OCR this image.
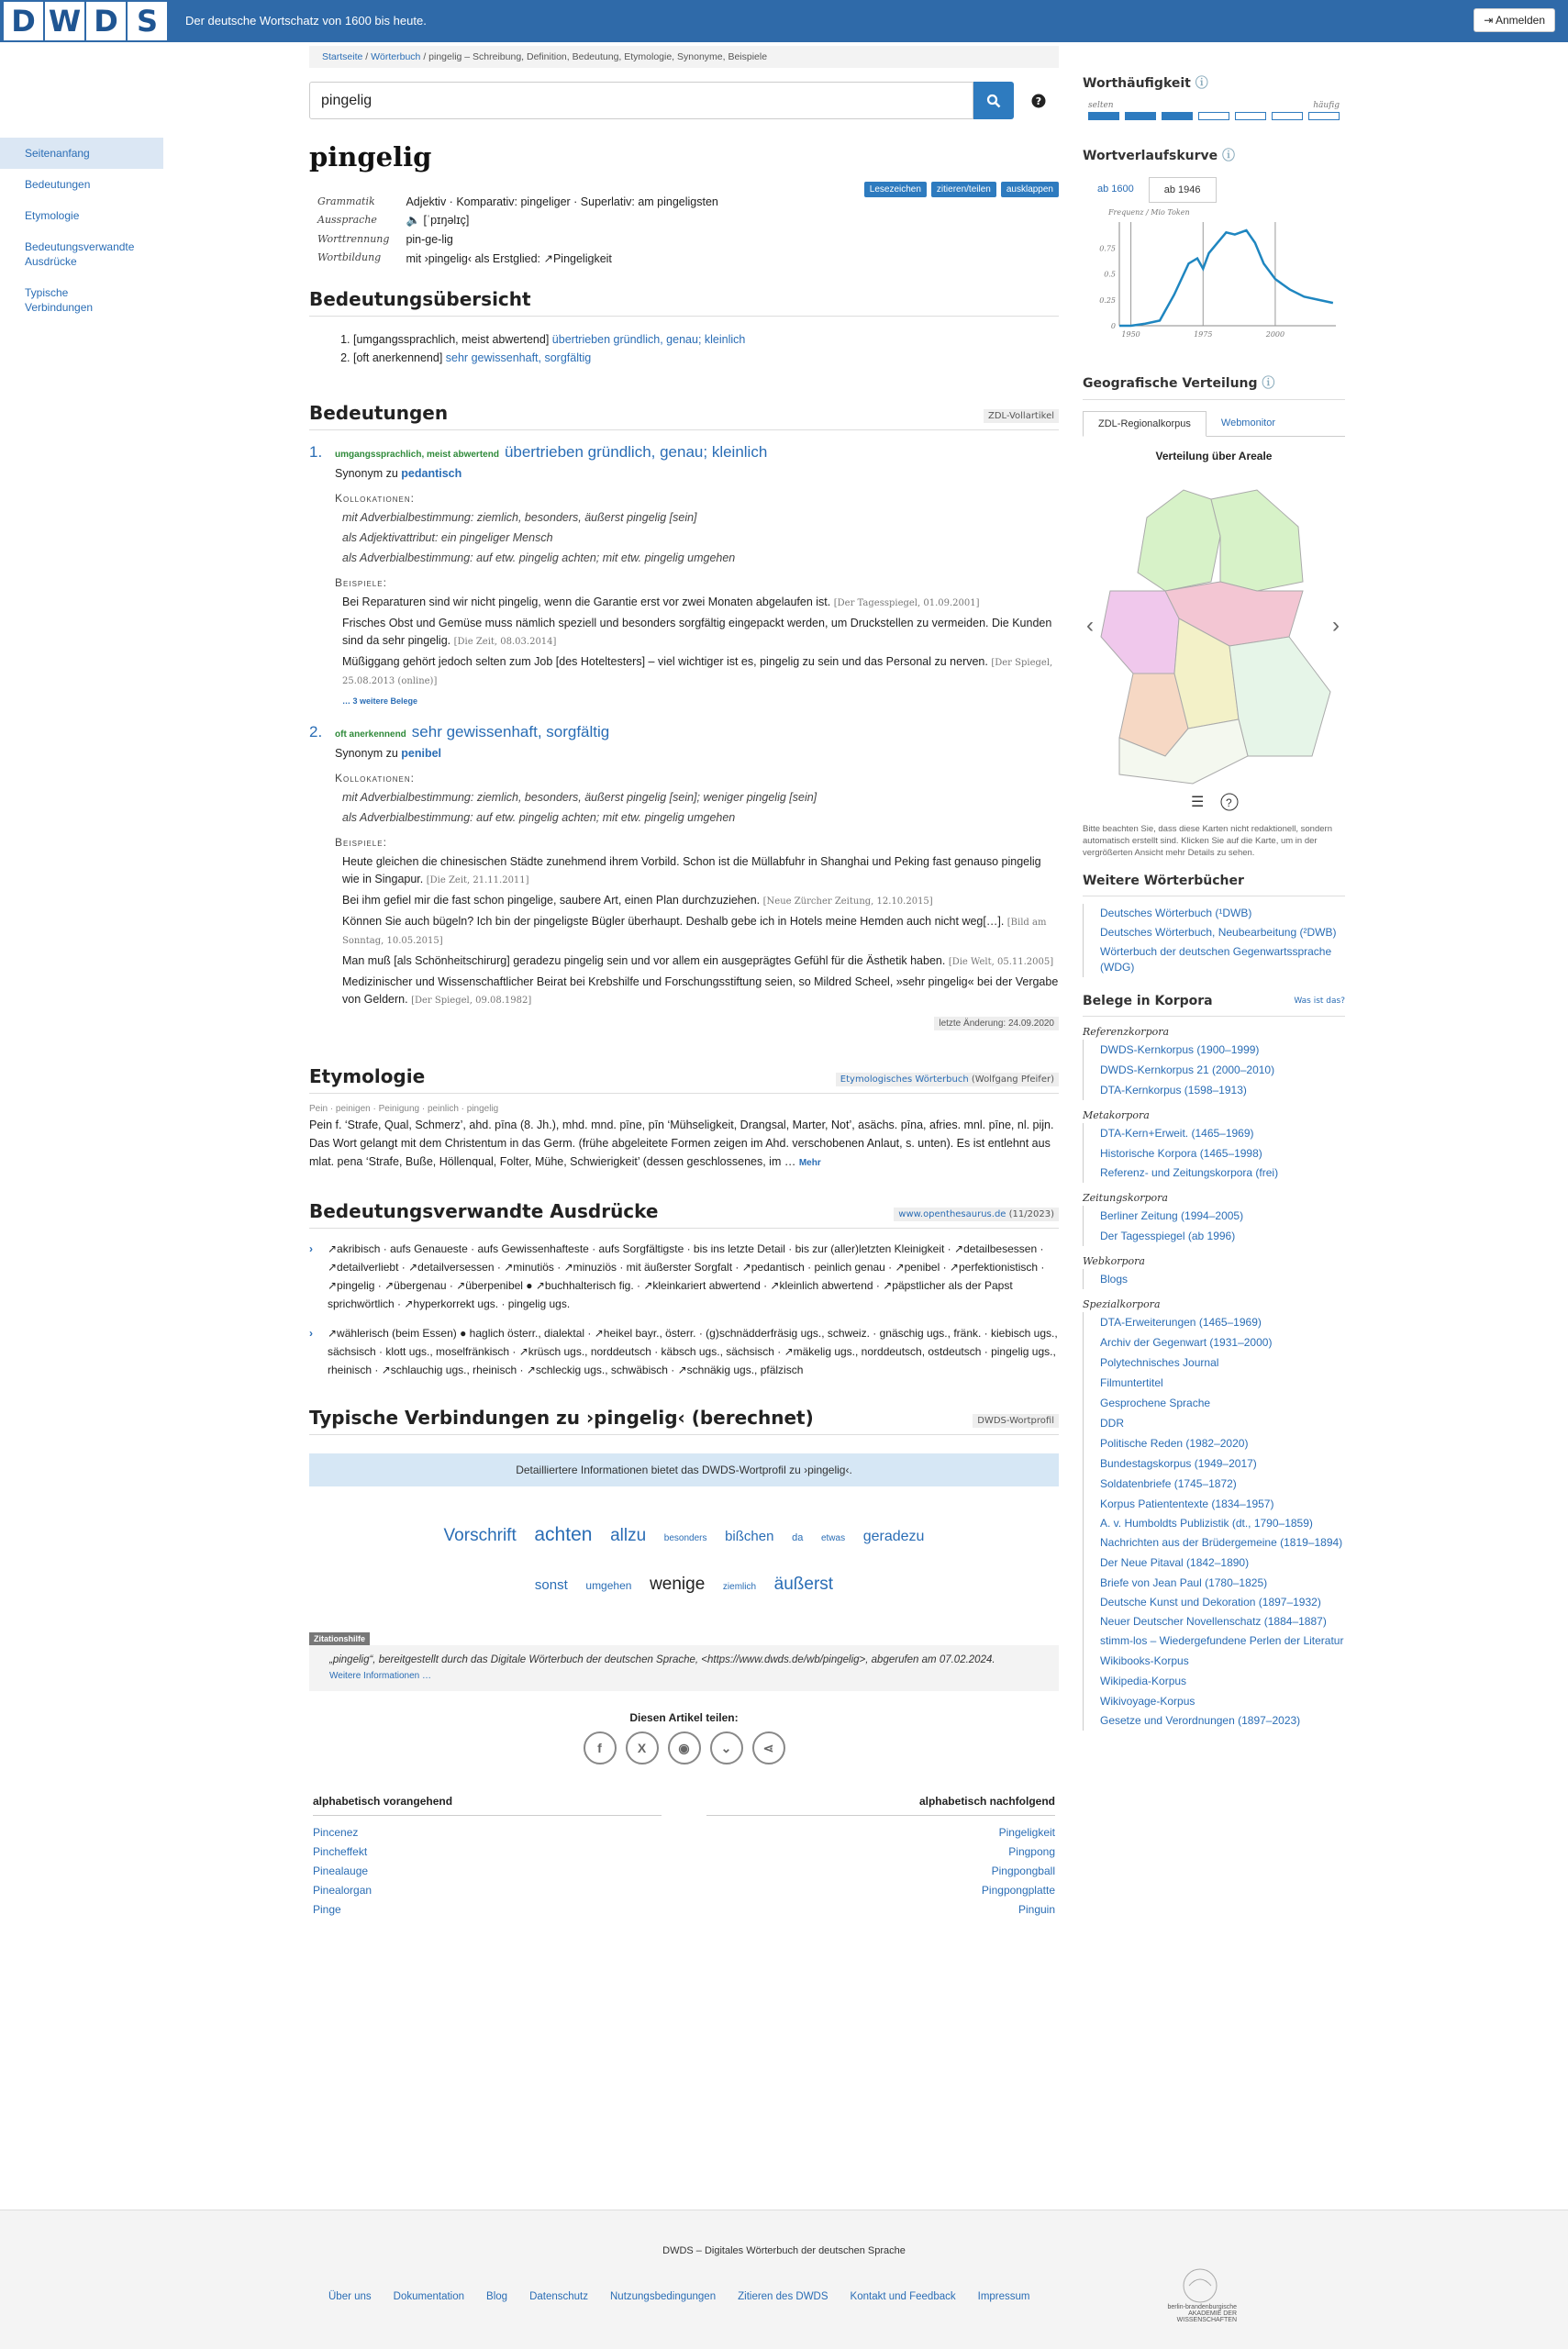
D W D S	Der deutsche Wortschatz von 1600 bis heute.	⇥ Anmelden
Seitenanfang
Bedeutungen
Etymologie
Bedeutungsverwandte Ausdrücke
Typische Verbindungen
Startseite / Wörterbuch / pingelig – Schreibung, Definition, Bedeutung, Etymologie, Synonyme, Beispiele
pingelig
?
pingelig
Lesezeichen	zitieren/teilen	ausklappen
Grammatik	Adjektiv · Komparativ: pingeliger · Superlativ: am pingeligsten
Aussprache	🔈 [ˈpɪŋəlɪç]
Worttrennung	pin-ge-lig
Wortbildung	mit ›pingelig‹ als Erstglied: ↗Pingeligkeit
Bedeutungsübersicht
1. [umgangssprachlich, meist abwertend] übertrieben gründlich, genau; kleinlich
2. [oft anerkennend] sehr gewissenhaft, sorgfältig
Bedeutungen	ZDL-Vollartikel
1. umgangssprachlich, meist abwertend übertrieben gründlich, genau; kleinlich
Synonym zu pedantisch
Kollokationen:
mit Adverbialbestimmung: ziemlich, besonders, äußerst pingelig [sein]
als Adjektivattribut: ein pingeliger Mensch
als Adverbialbestimmung: auf etw. pingelig achten; mit etw. pingelig umgehen
Beispiele:
Bei Reparaturen sind wir nicht pingelig, wenn die Garantie erst vor zwei Monaten abgelaufen ist. [Der Tagesspiegel, 01.09.2001]
Frisches Obst und Gemüse muss nämlich speziell und besonders sorgfältig eingepackt werden, um Druckstellen zu vermeiden. Die Kunden sind da sehr pingelig. [Die Zeit, 08.03.2014]
Müßiggang gehört jedoch selten zum Job [des Hoteltesters] – viel wichtiger ist es, pingelig zu sein und das Personal zu nerven. [Der Spiegel, 25.08.2013 (online)]
… 3 weitere Belege
2. oft anerkennend sehr gewissenhaft, sorgfältig
Synonym zu penibel
Kollokationen:
mit Adverbialbestimmung: ziemlich, besonders, äußerst pingelig [sein]; weniger pingelig [sein]
als Adverbialbestimmung: auf etw. pingelig achten; mit etw. pingelig umgehen
Beispiele:
Heute gleichen die chinesischen Städte zunehmend ihrem Vorbild. Schon ist die Müllabfuhr in Shanghai und Peking fast genauso pingelig wie in Singapur. [Die Zeit, 21.11.2011]
Bei ihm gefiel mir die fast schon pingelige, saubere Art, einen Plan durchzuziehen. [Neue Zürcher Zeitung, 12.10.2015]
Können Sie auch bügeln? Ich bin der pingeligste Bügler überhaupt. Deshalb gebe ich in Hotels meine Hemden auch nicht weg[…]. [Bild am Sonntag, 10.05.2015]
Man muß [als Schönheitschirurg] geradezu pingelig sein und vor allem ein ausgeprägtes Gefühl für die Ästhetik haben. [Die Welt, 05.11.2005]
Medizinischer und Wissenschaftlicher Beirat bei Krebshilfe und Forschungsstiftung seien, so Mildred Scheel, »sehr pingelig« bei der Vergabe von Geldern. [Der Spiegel, 09.08.1982]
letzte Änderung: 24.09.2020
Etymologie	Etymologisches Wörterbuch (Wolfgang Pfeifer)
Pein · peinigen · Peinigung · peinlich · pingelig
Pein f. ‘Strafe, Qual, Schmerz’, ahd. pīna (8. Jh.), mhd. mnd. pīne, pīn ‘Mühseligkeit, Drangsal, Marter, Not’, asächs. pīna, afries. mnl. pīne, nl. pijn. Das Wort gelangt mit dem Christentum in das Germ. (frühe abgeleitete Formen zeigen im Ahd. verschobenen Anlaut, s. unten). Es ist entlehnt aus mlat. pena ‘Strafe, Buße, Höllenqual, Folter, Mühe, Schwierigkeit’ (dessen geschlossenes, im … Mehr
Bedeutungsverwandte Ausdrücke	www.openthesaurus.de (11/2023)
›	↗akribisch · aufs Genaueste · aufs Gewissenhafteste · aufs Sorgfältigste · bis ins letzte Detail · bis zur (aller)letzten Kleinigkeit · ↗detailbesessen · ↗detailverliebt · ↗detailversessen · ↗minutiös · ↗minuziös · mit äußerster Sorgfalt · ↗pedantisch · peinlich genau · ↗penibel · ↗perfektionistisch · ↗pingelig · ↗übergenau · ↗überpenibel ● ↗buchhalterisch fig. · ↗kleinkariert abwertend · ↗kleinlich abwertend · ↗päpstlicher als der Papst sprichwörtlich · ↗hyperkorrekt ugs. · pingelig ugs.
›	↗wählerisch (beim Essen) ● haglich österr., dialektal · ↗heikel bayr., österr. · (g)schnädderfräsig ugs., schweiz. · gnäschig ugs., fränk. · kiebisch ugs., sächsisch · klott ugs., moselfränkisch · ↗krüsch ugs., norddeutsch · käbsch ugs., sächsisch · ↗mäkelig ugs., norddeutsch, ostdeutsch · pingelig ugs., rheinisch · ↗schlauchig ugs., rheinisch · ↗schleckig ugs., schwäbisch · ↗schnäkig ugs., pfälzisch
Typische Verbindungen zu ›pingelig‹ (berechnet)	DWDS-Wortprofil
Detailliertere Informationen bietet das DWDS-Wortprofil zu ›pingelig‹.
Vorschrift achten allzu besonders bißchen da etwas geradezu
sonst umgehen wenige ziemlich äußerst
Zitationshilfe
„pingelig“, bereitgestellt durch das Digitale Wörterbuch der deutschen Sprache, <https://www.dwds.de/wb/pingelig>, abgerufen am 07.02.2024.
Weitere Informationen …
Diesen Artikel teilen:
f	X	◉	⌄	⋖
alphabetisch vorangehend
Pincenez
Pincheffekt
Pinealauge
Pinealorgan
Pinge
alphabetisch nachfolgend
Pingeligkeit
Pingpong
Pingpongball
Pingpongplatte
Pinguin
Worthäufigkeit ⓘ
selten	häufig
Wortverlaufskurve ⓘ
ab 1600	ab 1946
Frequenz / Mio Token
0
0.25
0.5
0.75
1950	1975	2000
Geografische Verteilung ⓘ
ZDL-Regionalkorpus	Webmonitor
Verteilung über Areale
‹	›
☰ ?
Bitte beachten Sie, dass diese Karten nicht redaktionell, sondern automatisch erstellt sind. Klicken Sie auf die Karte, um in der vergrößerten Ansicht mehr Details zu sehen.
Weitere Wörterbücher
Deutsches Wörterbuch (¹DWB)
Deutsches Wörterbuch, Neubearbeitung (²DWB)
Wörterbuch der deutschen Gegenwartssprache (WDG)
Belege in Korpora	Was ist das?
Referenzkorpora
DWDS-Kernkorpus (1900–1999)
DWDS-Kernkorpus 21 (2000–2010)
DTA-Kernkorpus (1598–1913)
Metakorpora
DTA-Kern+Erweit. (1465–1969)
Historische Korpora (1465–1998)
Referenz- und Zeitungskorpora (frei)
Zeitungskorpora
Berliner Zeitung (1994–2005)
Der Tagesspiegel (ab 1996)
Webkorpora
Blogs
Spezialkorpora
DTA-Erweiterungen (1465–1969)
Archiv der Gegenwart (1931–2000)
Polytechnisches Journal
Filmuntertitel
Gesprochene Sprache
DDR
Politische Reden (1982–2020)
Bundestagskorpus (1949–2017)
Soldatenbriefe (1745–1872)
Korpus Patiententexte (1834–1957)
A. v. Humboldts Publizistik (dt., 1790–1859)
Nachrichten aus der Brüdergemeine (1819–1894)
Der Neue Pitaval (1842–1890)
Briefe von Jean Paul (1780–1825)
Deutsche Kunst und Dekoration (1897–1932)
Neuer Deutscher Novellenschatz (1884–1887)
stimm-los – Wiedergefundene Perlen der Literatur
Wikibooks-Korpus
Wikipedia-Korpus
Wikivoyage-Korpus
Gesetze und Verordnungen (1897–2023)
DWDS – Digitales Wörterbuch der deutschen Sprache
Über uns Dokumentation Blog Datenschutz Nutzungsbedingungen Zitieren des DWDS Kontakt und Feedback Impressum
berlin-brandenburgische AKADEMIE DER WISSENSCHAFTEN
